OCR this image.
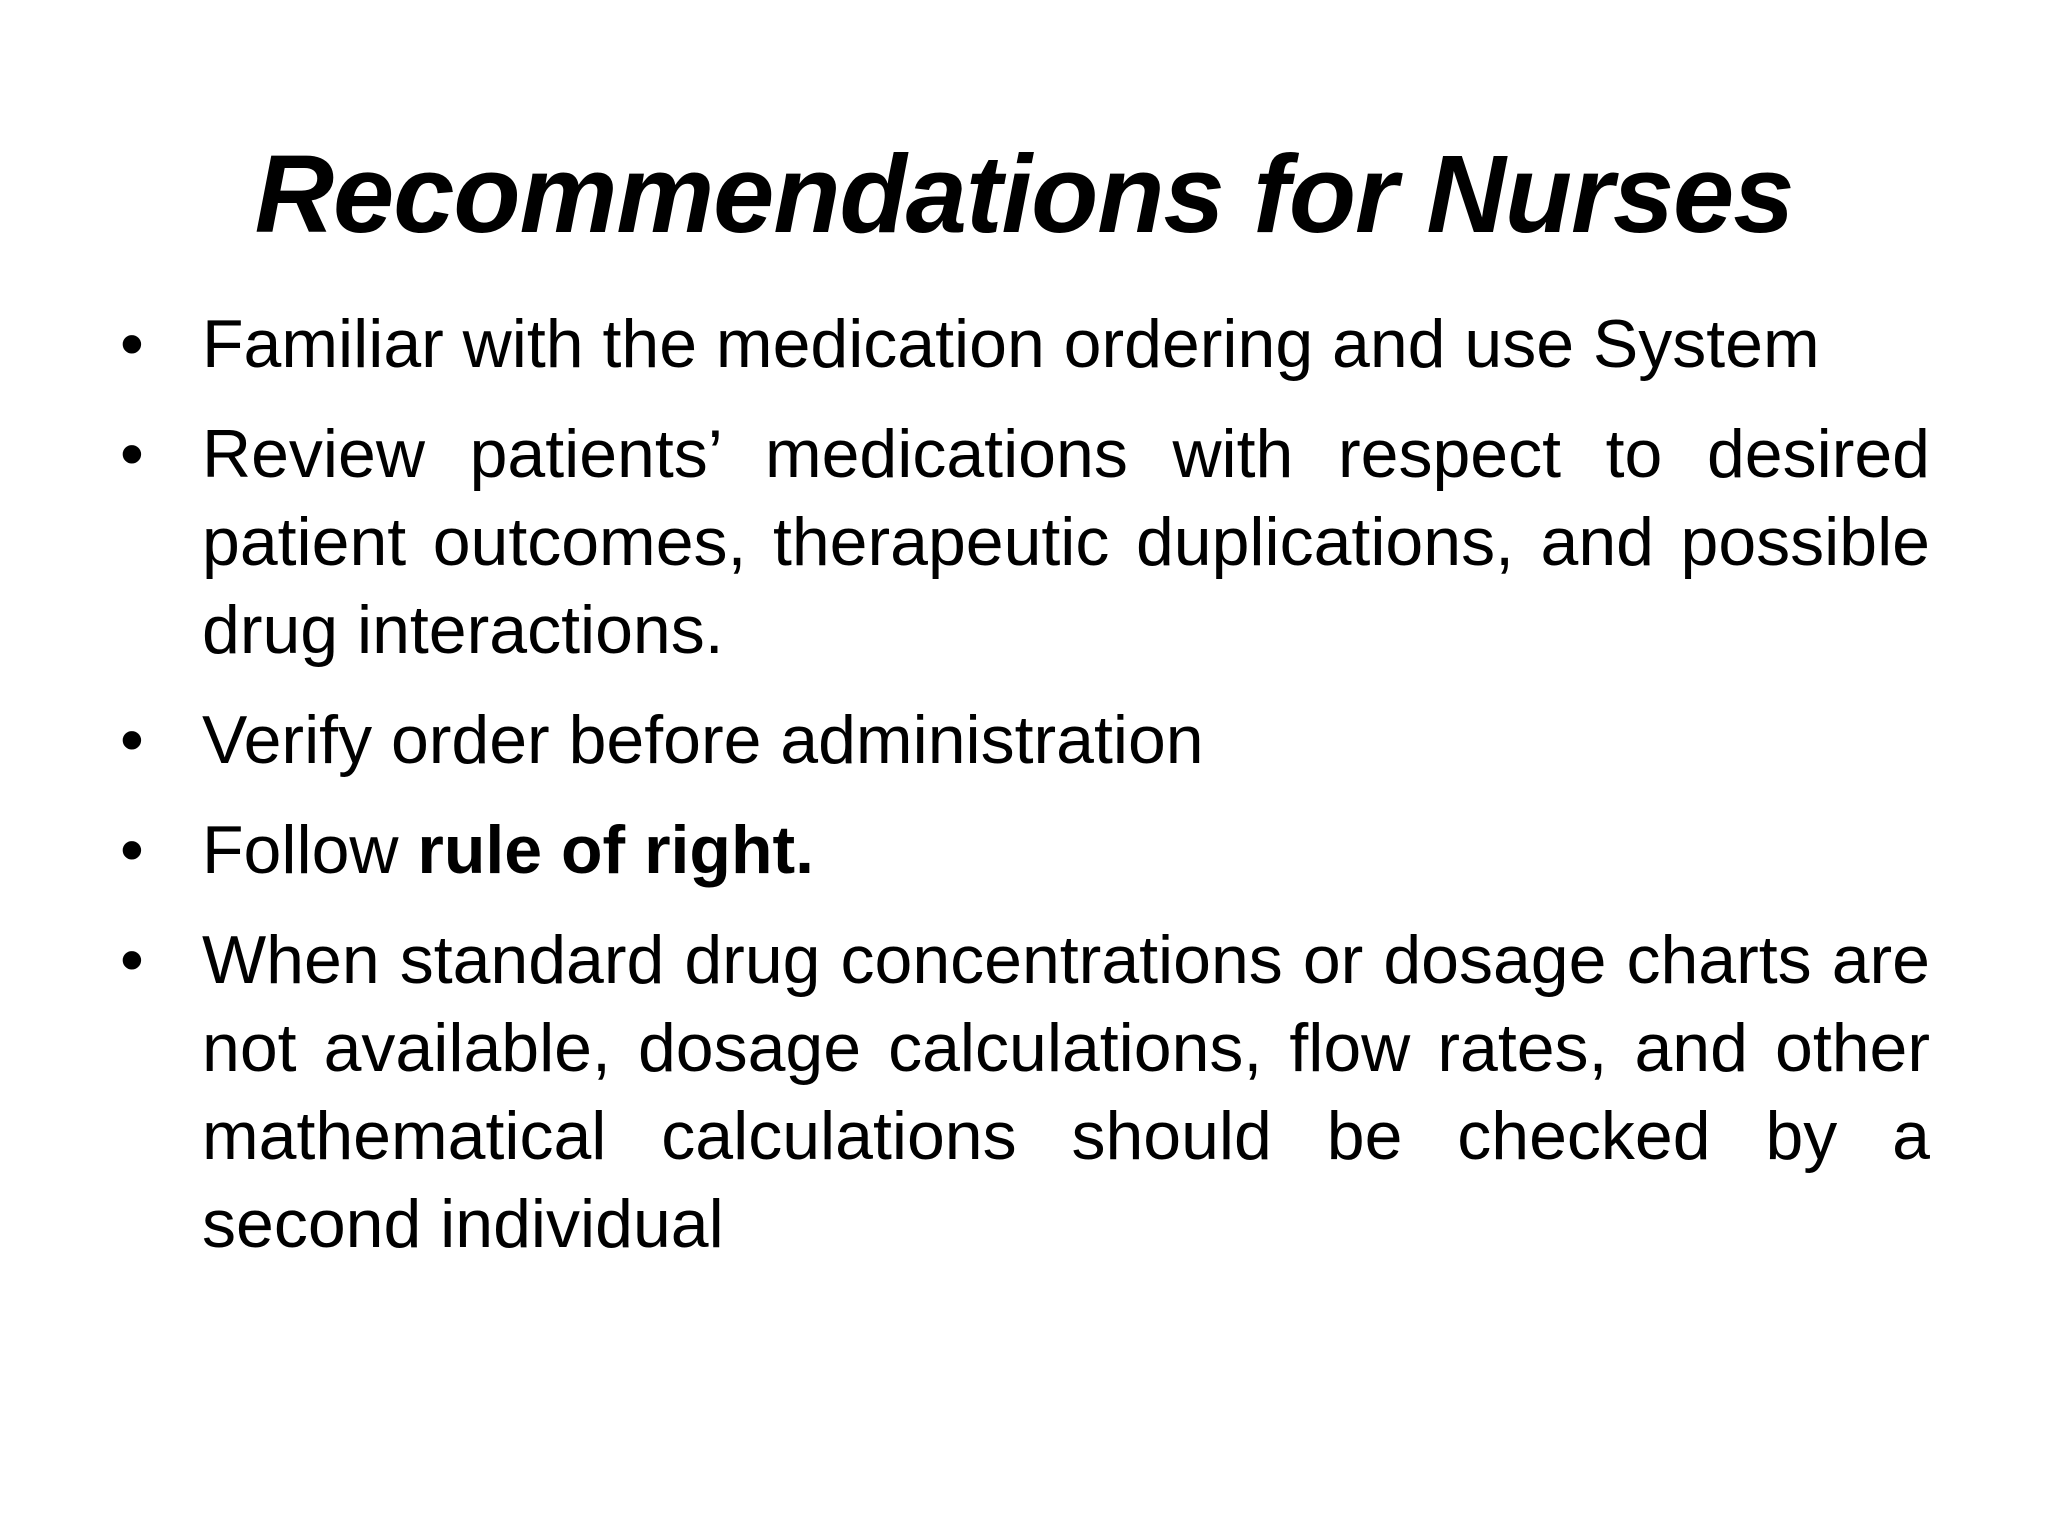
Recommendations for Nurses
• Familiar with the medication ordering and use System
• Review patients’ medications with respect to desired patient outcomes, therapeutic duplications, and possible drug interactions.
• Verify order before administration
• Follow rule of right.
• When standard drug concentrations or dosage charts are not available, dosage calculations, flow rates, and other mathematical calculations should be checked by a second individual
